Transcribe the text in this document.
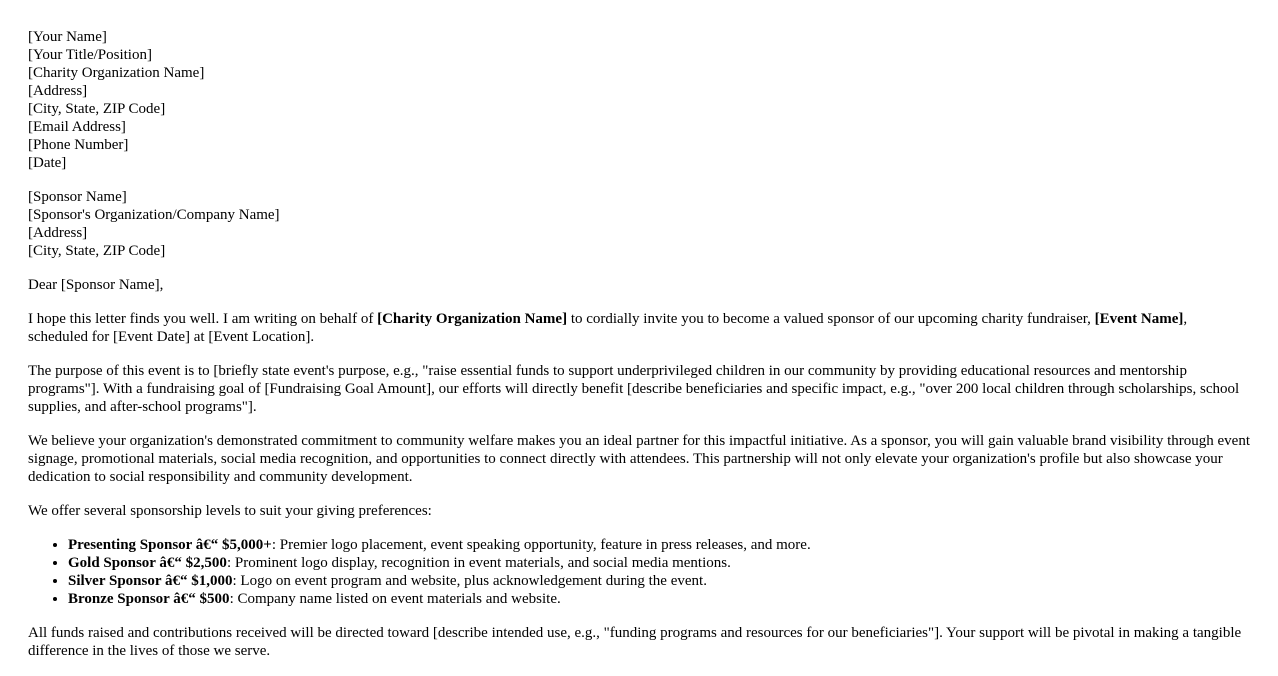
[Your Name]
[Your Title/Position]
[Charity Organization Name]
[Address]
[City, State, ZIP Code]
[Email Address]
[Phone Number]
[Date]
[Sponsor Name]
[Sponsor's Organization/Company Name]
[Address]
[City, State, ZIP Code]

Dear [Sponsor Name],

I hope this letter finds you well. I am writing on behalf of [Charity Organization Name] to cordially invite you to become a valued sponsor of our upcoming charity fundraiser, [Event Name], scheduled for [Event Date] at [Event Location].

The purpose of this event is to [briefly state event's purpose, e.g., "raise essential funds to support underprivileged children in our community by providing educational resources and mentorship programs"]. With a fundraising goal of [Fundraising Goal Amount], our efforts will directly benefit [describe beneficiaries and specific impact, e.g., "over 200 local children through scholarships, school supplies, and after-school programs"].

We believe your organization's demonstrated commitment to community welfare makes you an ideal partner for this impactful initiative. As a sponsor, you will gain valuable brand visibility through event signage, promotional materials, social media recognition, and opportunities to connect directly with attendees. This partnership will not only elevate your organization's profile but also showcase your dedication to social responsibility and community development.

We offer several sponsorship levels to suit your giving preferences:

• Presenting Sponsor â€“ $5,000+: Premier logo placement, event speaking opportunity, feature in press releases, and more.
• Gold Sponsor â€“ $2,500: Prominent logo display, recognition in event materials, and social media mentions.
• Silver Sponsor â€“ $1,000: Logo on event program and website, plus acknowledgement during the event.
• Bronze Sponsor â€“ $500: Company name listed on event materials and website.

All funds raised and contributions received will be directed toward [describe intended use, e.g., "funding programs and resources for our beneficiaries"]. Your support will be pivotal in making a tangible difference in the lives of those we serve.
